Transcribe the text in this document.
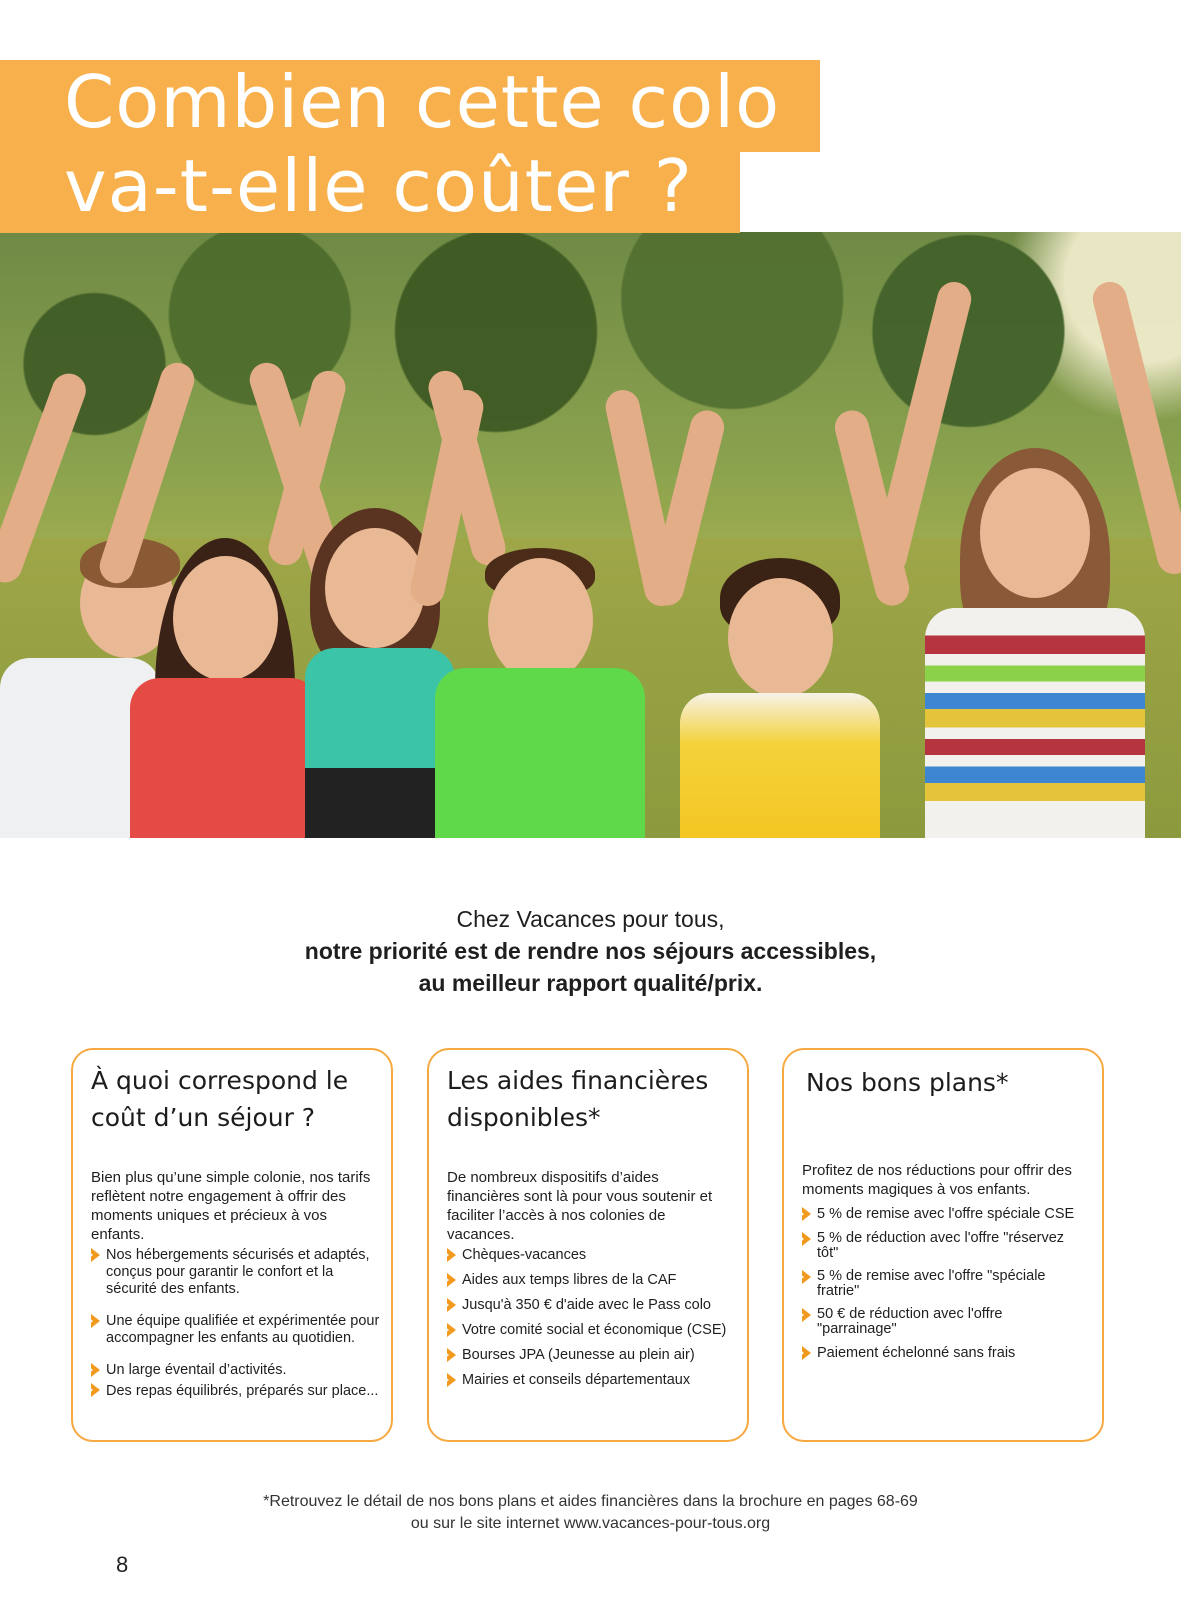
Combien cette colo
va-t-elle coûter ?
Chez Vacances pour tous,
notre priorité est de rendre nos séjours accessibles,
au meilleur rapport qualité/prix.
À quoi correspond le coût d’un séjour ?
Bien plus qu’une simple colonie, nos tarifs reflètent notre engagement à offrir des moments uniques et précieux à vos enfants.
Nos hébergements sécurisés et adaptés, conçus pour garantir le confort et la sécurité des enfants.
Une équipe qualifiée et expérimentée pour accompagner les enfants au quotidien.
Un large éventail d’activités.
Des repas équilibrés, préparés sur place...
Les aides financières disponibles*
De nombreux dispositifs d’aides financières sont là pour vous soutenir et faciliter l’accès à nos colonies de vacances.
Chèques-vacances
Aides aux temps libres de la CAF
Jusqu'à 350 € d'aide avec le Pass colo
Votre comité social et économique (CSE)
Bourses JPA (Jeunesse au plein air)
Mairies et conseils départementaux
Nos bons plans*
Profitez de nos réductions pour offrir des moments magiques à vos enfants.
5 % de remise avec l'offre spéciale CSE
5 % de réduction avec l'offre "réservez tôt"
5 % de remise avec l'offre "spéciale fratrie"
50 € de réduction avec l'offre "parrainage"
Paiement échelonné sans frais
*Retrouvez le détail de nos bons plans et aides financières dans la brochure en pages 68-69
ou sur le site internet www.vacances-pour-tous.org
8
